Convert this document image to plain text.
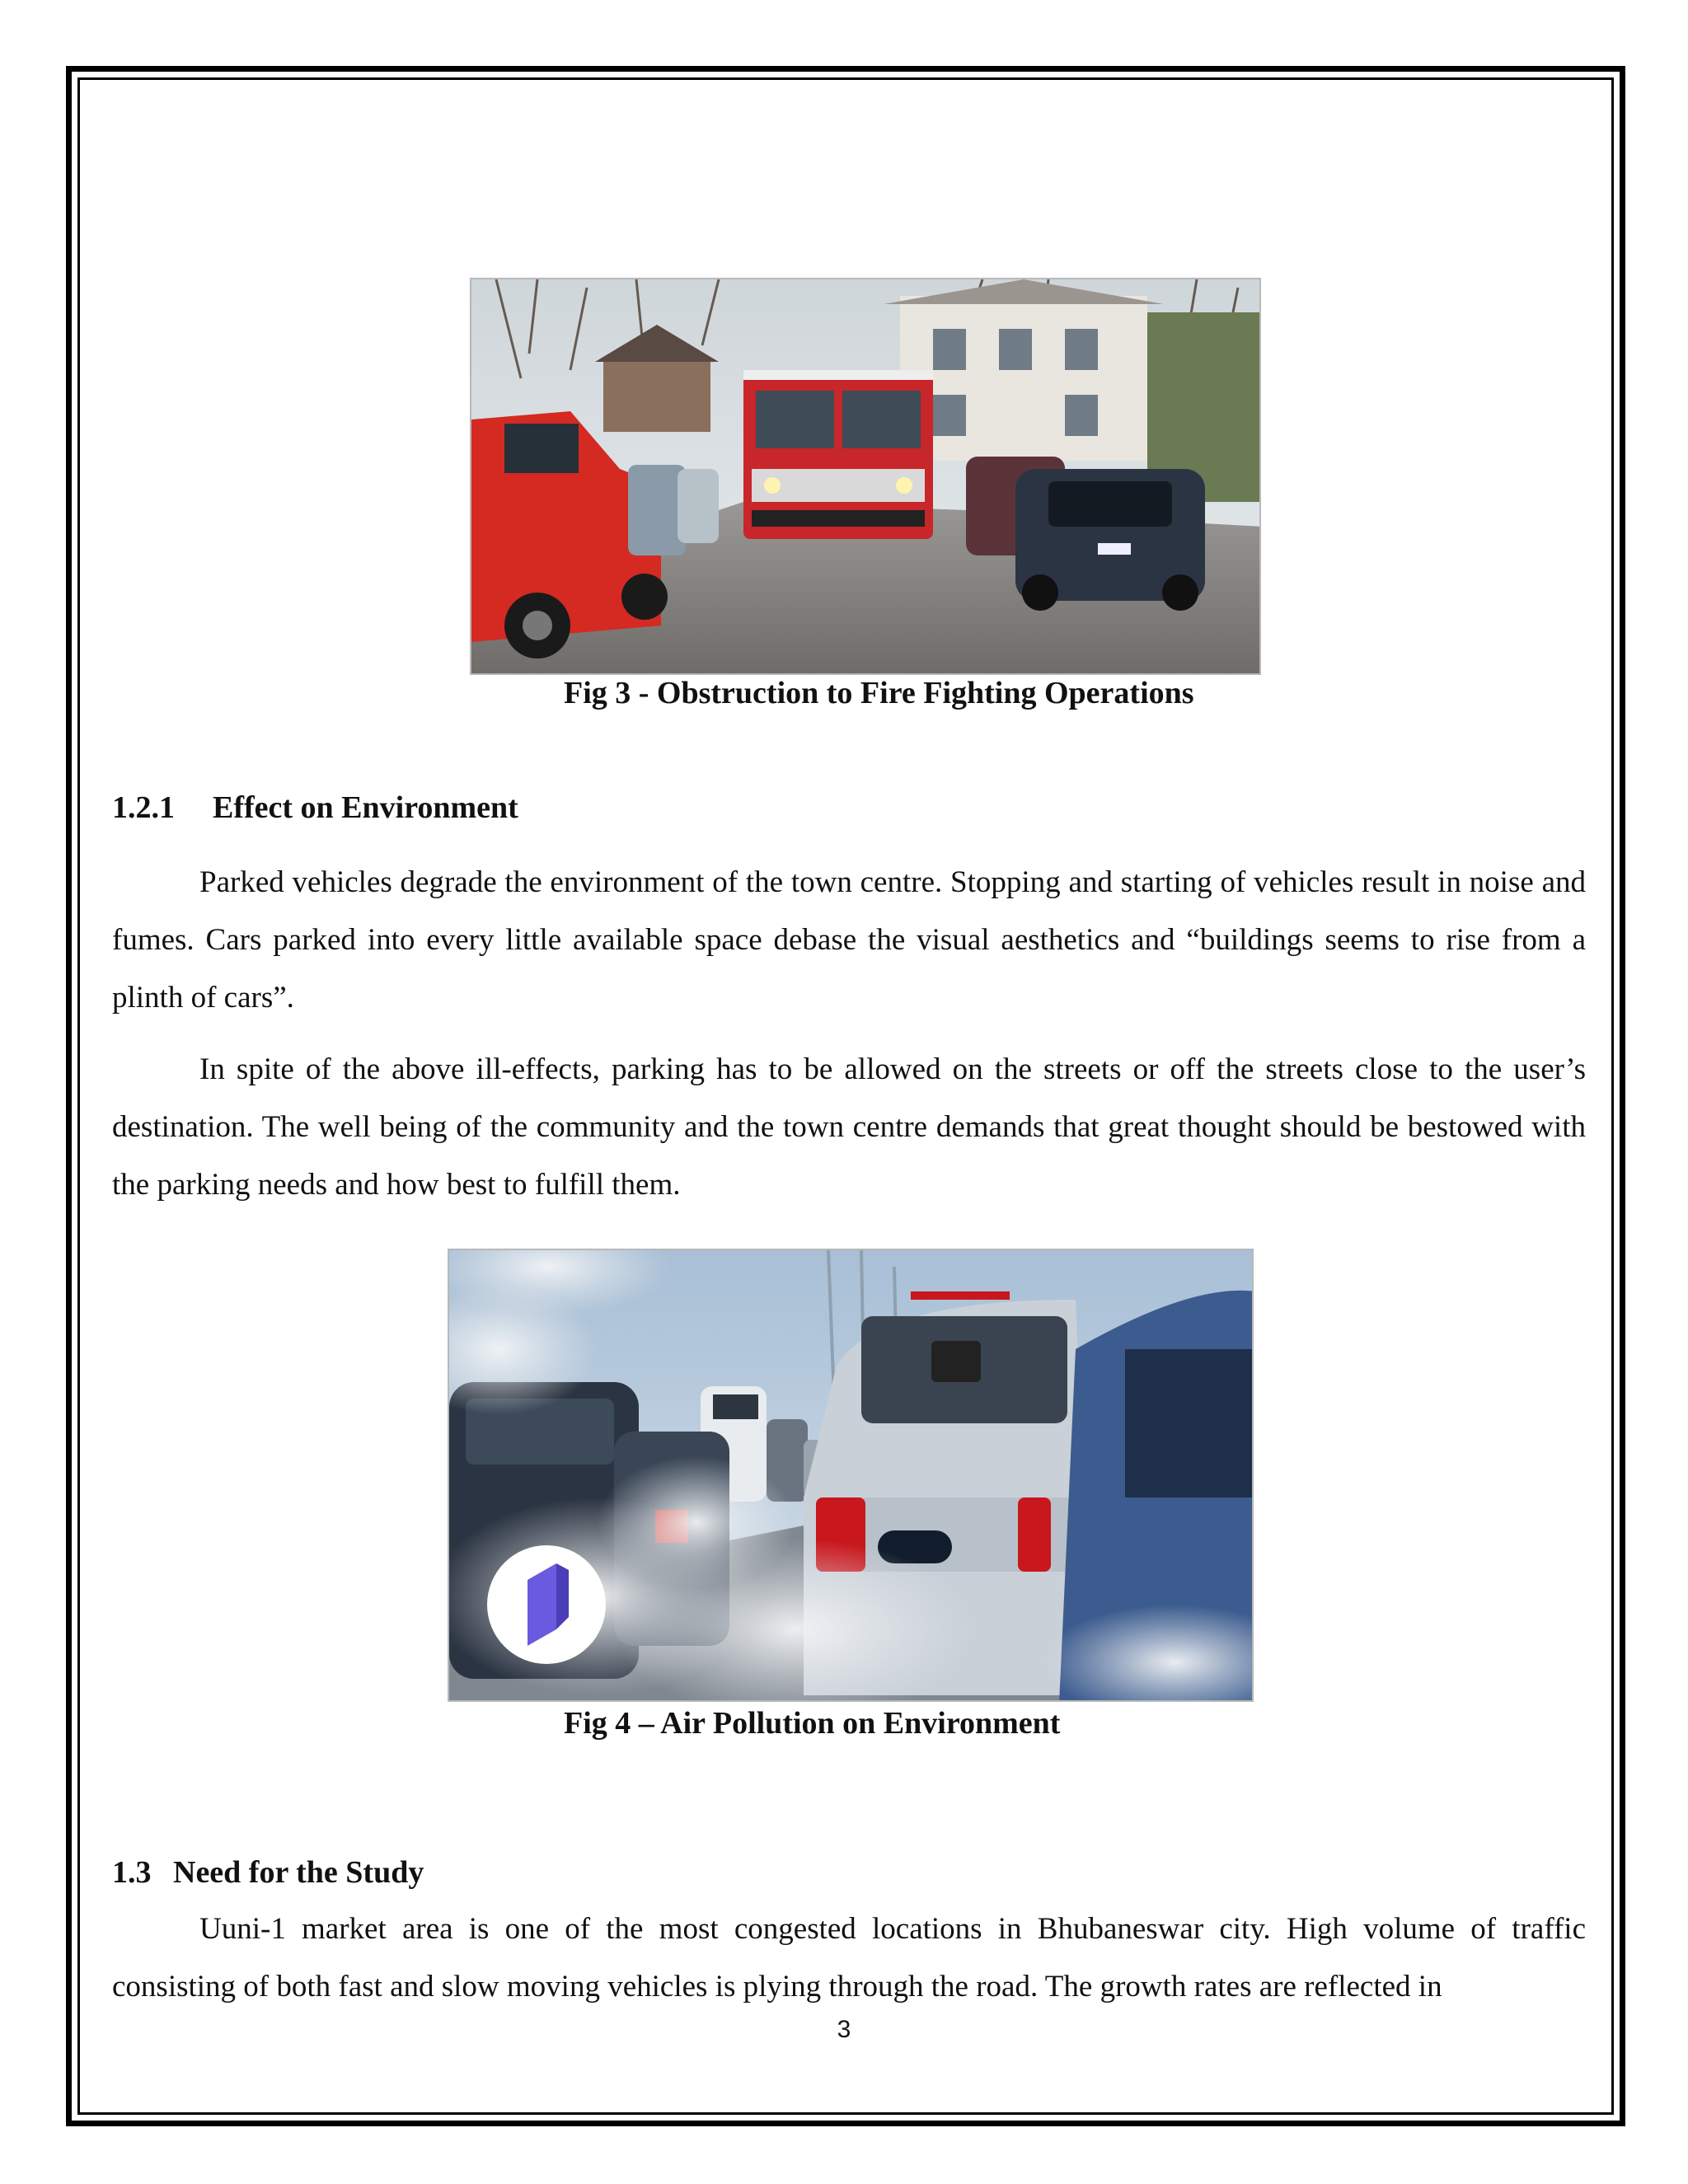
Fig 3 - Obstruction to Fire Fighting Operations
1.2.1 Effect on Environment

Parked vehicles degrade the environment of the town centre. Stopping and starting of vehicles result in noise and fumes. Cars parked into every little available space debase the visual aesthetics and “buildings seems to rise from a plinth of cars”.

In spite of the above ill-effects, parking has to be allowed on the streets or off the streets close to the user’s destination. The well being of the community and the town centre demands that great thought should be bestowed with the parking needs and how best to fulfill them.

Fig 4 – Air Pollution on Environment
1.3 Need for the Study

Uuni-1 market area is one of the most congested locations in Bhubaneswar city. High volume of traffic consisting of both fast and slow moving vehicles is plying through the road. The growth rates are reflected in

3
